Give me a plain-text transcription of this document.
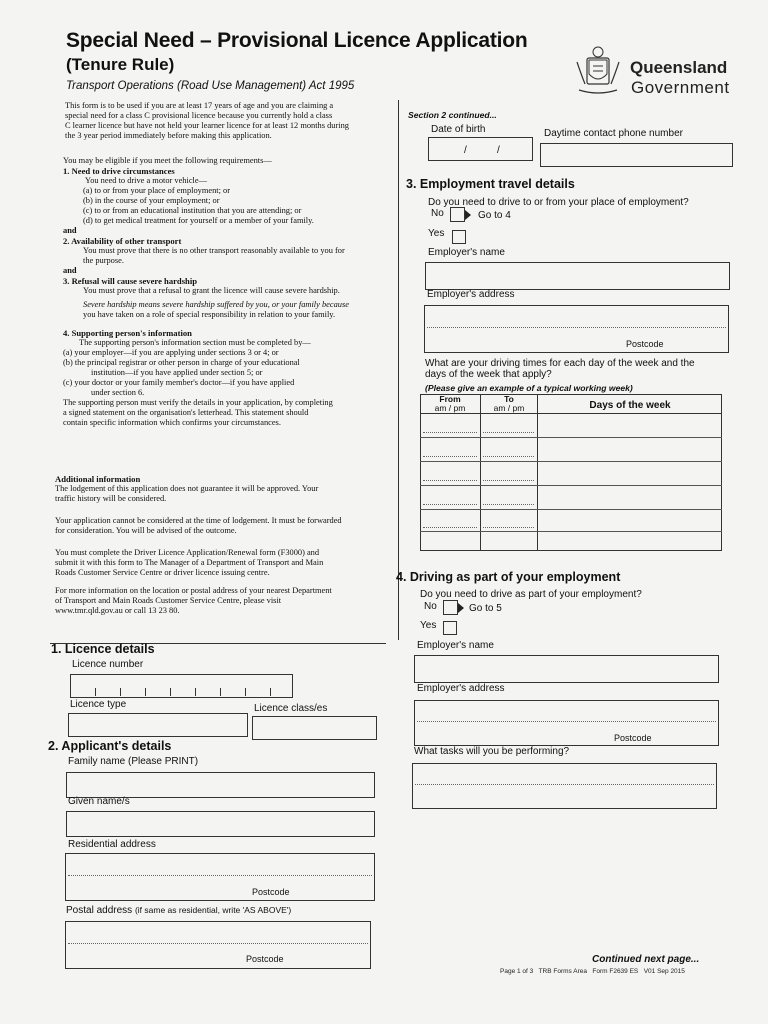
Special Need – Provisional Licence Application
(Tenure Rule)
Transport Operations (Road Use Management) Act 1995
Queensland
Government
This form is to be used if you are at least 17 years of age and you are claiming a
special need for a class C provisional licence because you currently hold a class
C learner licence but have not held your learner licence for at least 12 months during
the 3 year period immediately before making this application.
You may be eligible if you meet the following requirements—
1. Need to drive circumstances
You need to drive a motor vehicle—
(a) to or from your place of employment; or
(b) in the course of your employment; or
(c) to or from an educational institution that you are attending; or
(d) to get medical treatment for yourself or a member of your family.
and
2. Availability of other transport
You must prove that there is no other transport reasonably available to you for
the purpose.
and
3. Refusal will cause severe hardship
You must prove that a refusal to grant the licence will cause severe hardship.
Severe hardship means severe hardship suffered by you, or your family because
you have taken on a role of special responsibility in relation to your family.
4. Supporting person's information
The supporting person's information section must be completed by—
(a) your employer—if you are applying under sections 3 or 4; or
(b) the principal registrar or other person in charge of your educational
institution—if you have applied under section 5; or
(c) your doctor or your family member's doctor—if you have applied
under section 6.
The supporting person must verify the details in your application, by completing
a signed statement on the organisation's letterhead. This statement should
contain specific information which confirms your circumstances.
Additional information
The lodgement of this application does not guarantee it will be approved. Your
traffic history will be considered.
Your application cannot be considered at the time of lodgement. It must be forwarded
for consideration. You will be advised of the outcome.
You must complete the Driver Licence Application/Renewal form (F3000) and
submit it with this form to The Manager of a Department of Transport and Main
Roads Customer Service Centre or driver licence issuing centre.
For more information on the location or postal address of your nearest Department
of Transport and Main Roads Customer Service Centre, please visit
www.tmr.qld.gov.au or call 13 23 80.
1. Licence details
Licence number
Licence type	Licence class/es
2. Applicant's details
Family name (Please PRINT)
Given name/s
Residential address
Postcode
Postal address (if same as residential, write 'AS ABOVE')
Postcode
Section 2 continued...
Date of birth
/	/
Daytime contact phone number
3. Employment travel details
Do you need to drive to or from your place of employment?
No	Go to 4
Yes
Employer's name
Employer's address
Postcode
What are your driving times for each day of the week and the
days of the week that apply?
(Please give an example of a typical working week)
From
am / pm
To
am / pm	Days of the week
4. Driving as part of your employment
Do you need to drive as part of your employment?
No	Go to 5
Yes
Employer's name
Employer's address
Postcode
What tasks will you be performing?
Continued next page...
Page 1 of 3 TRB Forms Area Form F2639 ES V01 Sep 2015
